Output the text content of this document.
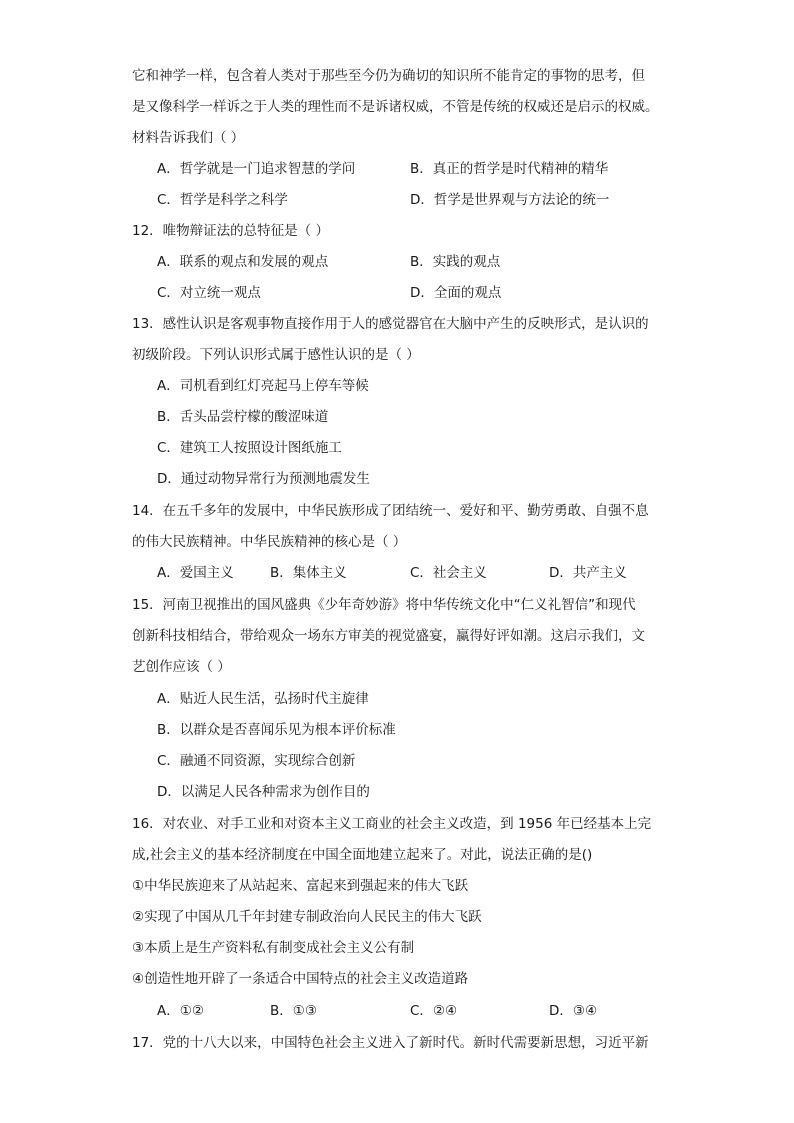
它和神学一样，包含着人类对于那些至今仍为确切的知识所不能肯定的事物的思考，但
是又像科学一样诉之于人类的理性而不是诉诸权威，不管是传统的权威还是启示的权威。
材料告诉我们（ ）
A．哲学就是一门追求智慧的学问	B．真正的哲学是时代精神的精华
C．哲学是科学之科学	D．哲学是世界观与方法论的统一
12．唯物辩证法的总特征是（ ）
A．联系的观点和发展的观点	B．实践的观点
C．对立统一观点	D．全面的观点
13．感性认识是客观事物直接作用于人的感觉器官在大脑中产生的反映形式，是认识的
初级阶段。下列认识形式属于感性认识的是（ ）
A．司机看到红灯亮起马上停车等候
B．舌头品尝柠檬的酸涩味道
C．建筑工人按照设计图纸施工
D．通过动物异常行为预测地震发生
14．在五千多年的发展中，中华民族形成了团结统一、爱好和平、勤劳勇敢、自强不息
的伟大民族精神。中华民族精神的核心是（ ）
A．爱国主义	B．集体主义	C．社会主义	D．共产主义
15．河南卫视推出的国风盛典《少年奇妙游》将中华传统文化中“仁义礼智信”和现代
创新科技相结合，带给观众一场东方审美的视觉盛宴，赢得好评如潮。这启示我们，文
艺创作应该（ ）
A．贴近人民生活，弘扬时代主旋律
B．以群众是否喜闻乐见为根本评价标准
C．融通不同资源，实现综合创新
D．以满足人民各种需求为创作目的
16．对农业、对手工业和对资本主义工商业的社会主义改造，到 1956 年已经基本上完
成,社会主义的基本经济制度在中国全面地建立起来了。对此，说法正确的是()
①中华民族迎来了从站起来、富起来到强起来的伟大飞跃
②实现了中国从几千年封建专制政治向人民民主的伟大飞跃
③本质上是生产资料私有制变成社会主义公有制
④创造性地开辟了一条适合中国特点的社会主义改造道路
A．①②	B．①③	C．②④	D．③④
17．党的十八大以来，中国特色社会主义进入了新时代。新时代需要新思想，习近平新
